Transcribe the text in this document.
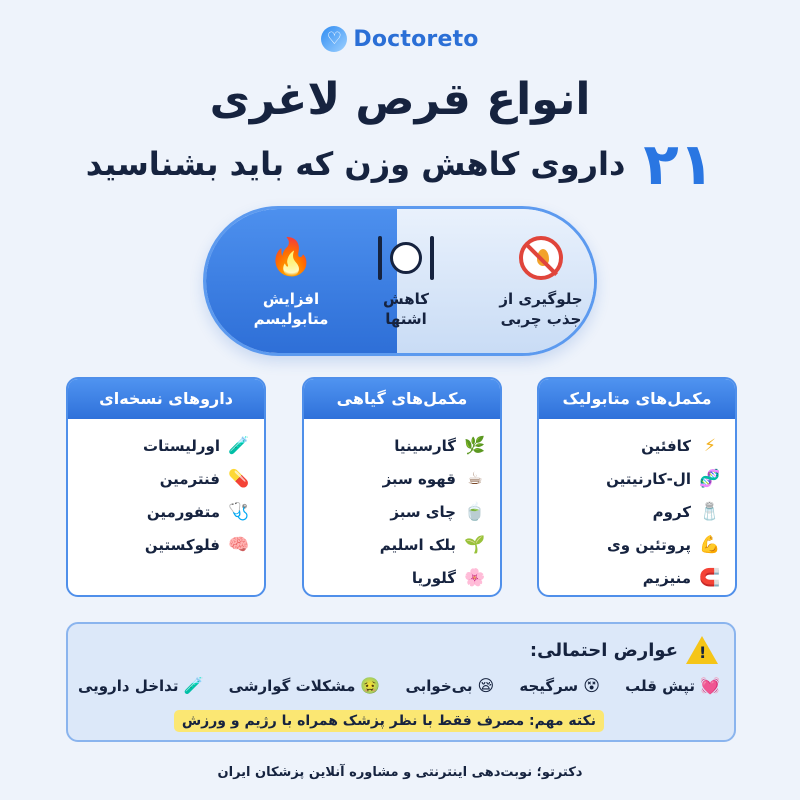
♡ Doctoreto
انواع قرص لاغری
۲۱
داروی کاهش وزن که باید بشناسید
جلوگیری از
جذب چربی
کاهش
اشتها
🔥
افزایش
متابولیسم
مکمل‌های متابولیک
⚡
کافئین
🧬
ال-کارنیتین
🧂
کروم
💪
پروتئین وی
🧲
منیزیم
مکمل‌های گیاهی
🌿
گارسینیا
☕
قهوه سبز
🍵
چای سبز
🌱
بلک اسلیم
🌸
گلوریا
داروهای نسخه‌ای
🧪
اورلیستات
💊
فنترمین
🩺
متفورمین
🧠
فلوکستین
!
عوارض احتمالی:
💓
تپش قلب
😵
سرگیجه
😪
بی‌خوابی
🤢
مشکلات گوارشی
🧪
تداخل دارویی
نکته مهم: مصرف فقط با نظر پزشک همراه با رژیم و ورزش
دکترتو؛ نوبت‌دهی اینترنتی و مشاوره آنلاین پزشکان ایران
